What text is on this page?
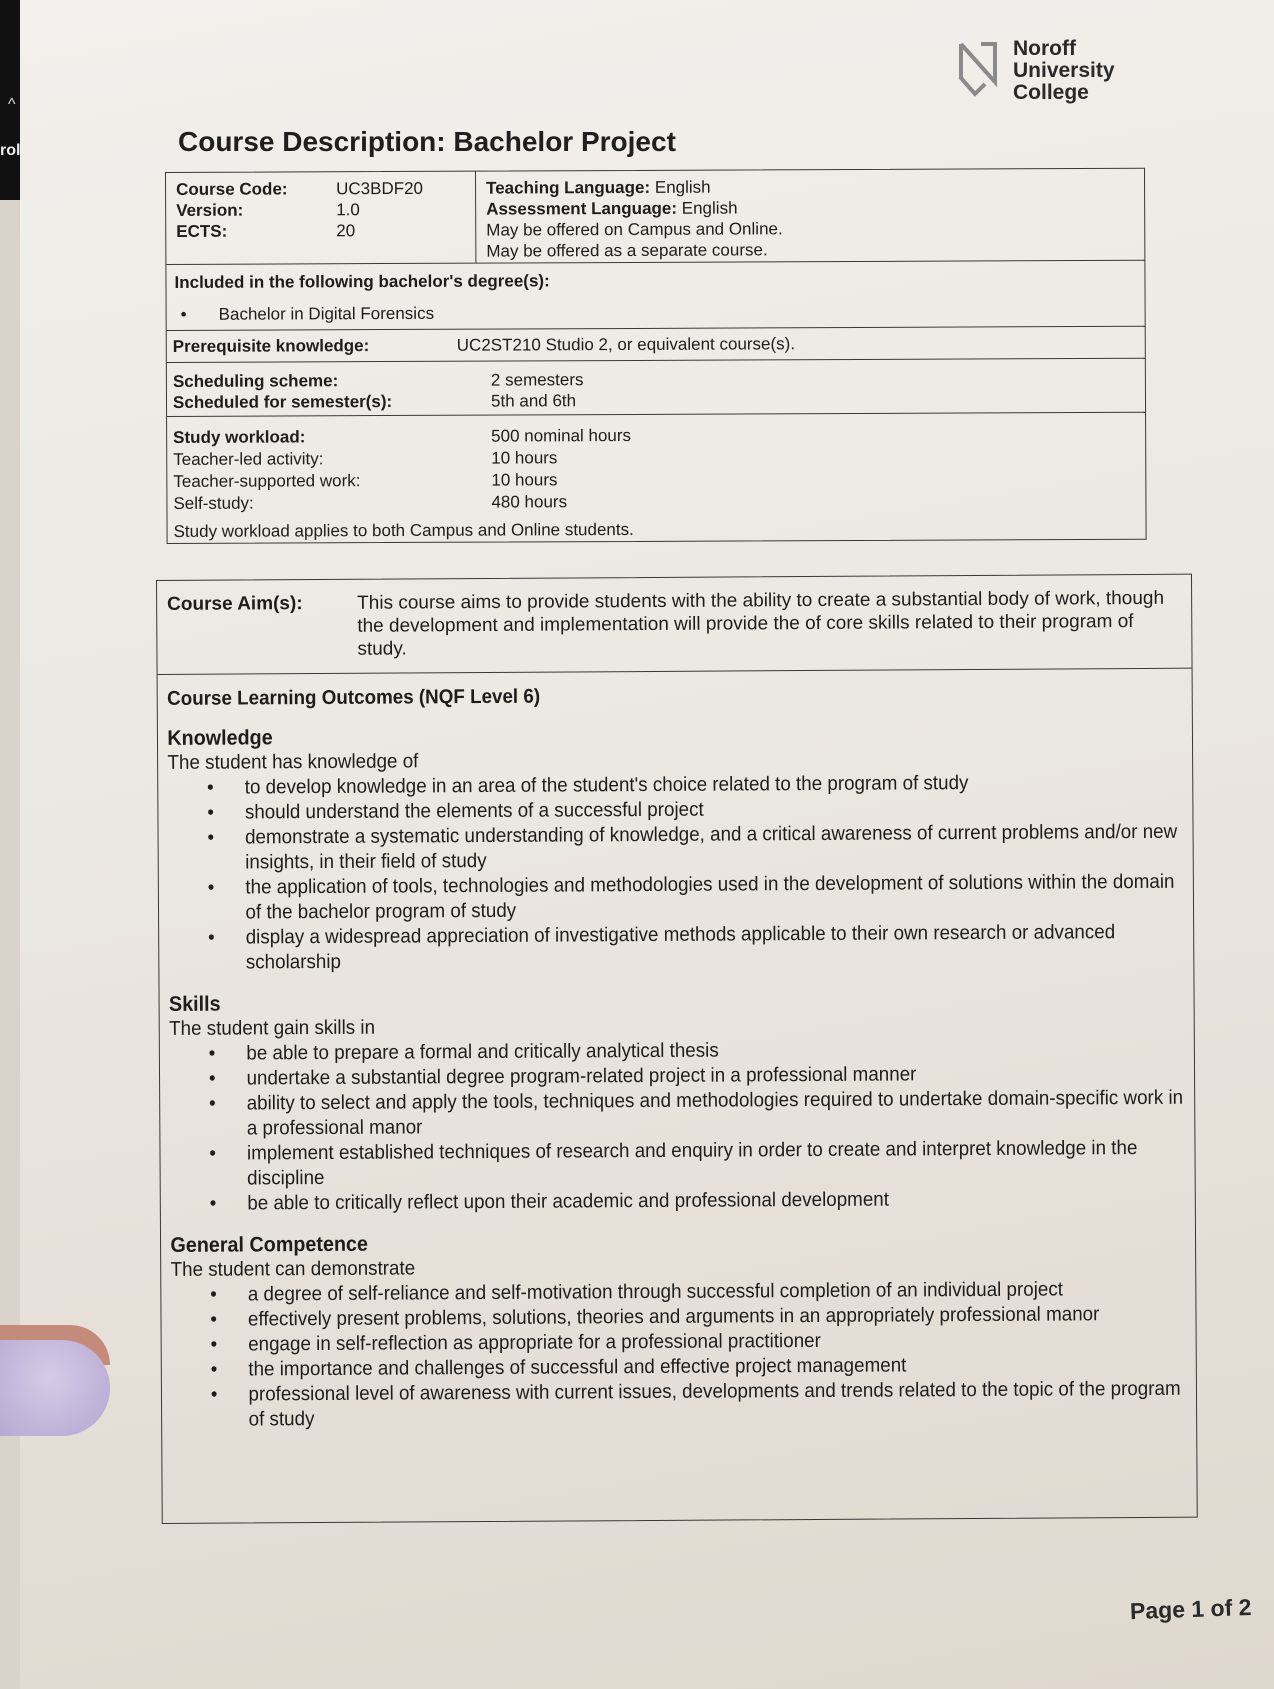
^
rol
Noroff
University
College
Course Description: Bachelor Project
Course Code:	UC3BDF20
Version:	1.0
ECTS:	20
Teaching Language: English
Assessment Language: English
May be offered on Campus and Online.
May be offered as a separate course.
Included in the following bachelor's degree(s):
• Bachelor in Digital Forensics
Prerequisite knowledge:	UC2ST210 Studio 2, or equivalent course(s).
Scheduling scheme:	2 semesters
Scheduled for semester(s):	5th and 6th
Study workload:	500 nominal hours
Teacher-led activity:	10 hours
Teacher-supported work:	10 hours
Self-study:	480 hours
Study workload applies to both Campus and Online students.
Course Aim(s):	This course aims to provide students with the ability to create a substantial body of work, though the development and implementation will provide the of core skills related to their program of study.
Course Learning Outcomes (NQF Level 6)
Knowledge

The student has knowledge of

• to develop knowledge in an area of the student's choice related to the program of study
• should understand the elements of a successful project
• demonstrate a systematic understanding of knowledge, and a critical awareness of current problems and/or new insights, in their field of study
• the application of tools, technologies and methodologies used in the development of solutions within the domain of the bachelor program of study
• display a widespread appreciation of investigative methods applicable to their own research or advanced scholarship
Skills

The student gain skills in

• be able to prepare a formal and critically analytical thesis
• undertake a substantial degree program-related project in a professional manner
• ability to select and apply the tools, techniques and methodologies required to undertake domain-specific work in a professional manor
• implement established techniques of research and enquiry in order to create and interpret knowledge in the discipline
• be able to critically reflect upon their academic and professional development
General Competence

The student can demonstrate

• a degree of self-reliance and self-motivation through successful completion of an individual project
• effectively present problems, solutions, theories and arguments in an appropriately professional manor
• engage in self-reflection as appropriate for a professional practitioner
• the importance and challenges of successful and effective project management
• professional level of awareness with current issues, developments and trends related to the topic of the program of study
Page 1 of 2
